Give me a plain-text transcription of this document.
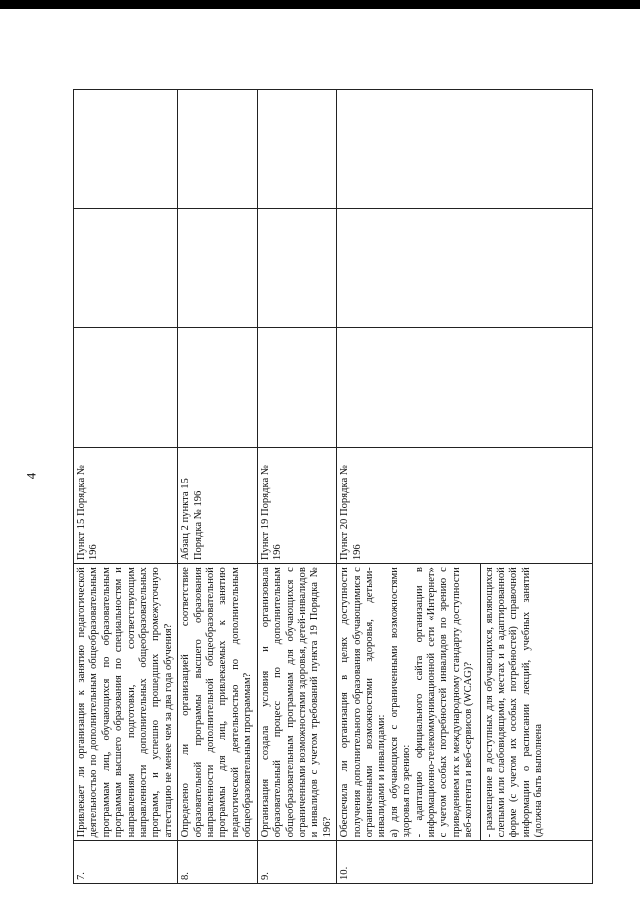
4
7.	Привлекает ли организация к занятию педагогической деятельностью по дополнительным общеобразовательным программам лиц, обучающихся по образовательным программам высшего образования по специальностям и направлениям подготовки, соответствующим направленности дополнительных общеобразовательных программ, и успешно прошедших промежуточную аттестацию не менее чем за два года обучения?	Пункт 15 Порядка № 196			
8.	Определено ли организацией соответствие образовательной программы высшего образования направленности дополнительной общеобразовательной программы для лиц, привлекаемых к занятию педагогической деятельностью по дополнительным общеобразовательным программам?	Абзац 2 пункта 15 Порядка № 196			
9.	Организация создала условия и организовала образовательный процесс по дополнительным общеобразовательным программам для обучающихся с ограниченными возможностями здоровья, детей-инвалидов и инвалидов с учетом требований пункта 19 Порядка № 196?	Пункт 19 Порядка № 196			
10.	Обеспечила ли организация в целях доступности получения дополнительного образования обучающимися с ограниченными возможностями здоровья, детьми-инвалидами и инвалидами: а) для обучающихся с ограниченными возможностями здоровья по зрению: - адаптацию официального сайта организации в информационно-телекоммуникационной сети «Интернет» с учетом особых потребностей инвалидов по зрению с приведением их к международному стандарту доступности веб-контента и веб-сервисов (WCAG)? - размещение в доступных для обучающихся, являющихся слепыми или слабовидящими, местах и в адаптированной форме (с учетом их особых потребностей) справочной информации о расписании лекций, учебных занятий (должна быть выполнена	Пункт 20 Порядка № 196			
